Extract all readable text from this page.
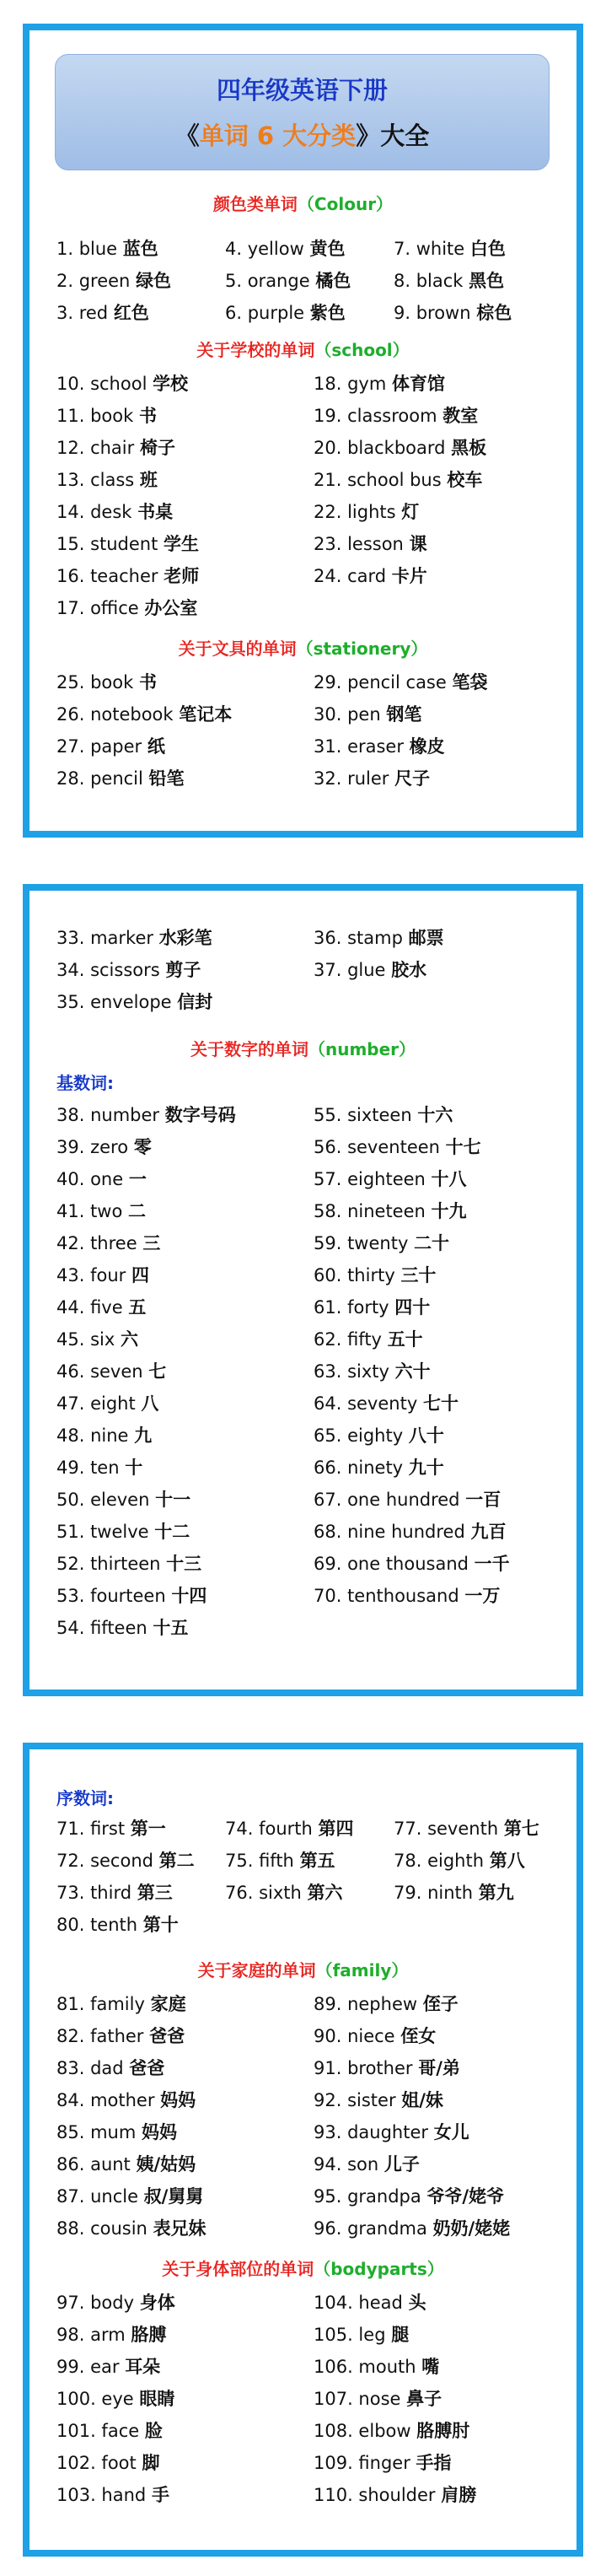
四年级英语下册
《单词 6 大分类》大全
颜色类单词（Colour）
关于学校的单词（school）
关于文具的单词（stationery）
1. blue 蓝色
2. green 绿色
3. red 红色
4. yellow 黄色
5. orange 橘色
6. purple 紫色
7. white 白色
8. black 黑色
9. brown 棕色
10. school 学校
11. book 书
12. chair 椅子
13. class 班
14. desk 书桌
15. student 学生
16. teacher 老师
17. office 办公室
18. gym 体育馆
19. classroom 教室
20. blackboard 黑板
21. school bus 校车
22. lights 灯
23. lesson 课
24. card 卡片
25. book 书
26. notebook 笔记本
27. paper 纸
28. pencil 铅笔
29. pencil case 笔袋
30. pen 钢笔
31. eraser 橡皮
32. ruler 尺子
关于数字的单词（number）
基数词:
33. marker 水彩笔
34. scissors 剪子
35. envelope 信封
36. stamp 邮票
37. glue 胶水
38. number 数字号码
39. zero 零
40. one 一
41. two 二
42. three 三
43. four 四
44. five 五
45. six 六
46. seven 七
47. eight 八
48. nine 九
49. ten 十
50. eleven 十一
51. twelve 十二
52. thirteen 十三
53. fourteen 十四
54. fifteen 十五
55. sixteen 十六
56. seventeen 十七
57. eighteen 十八
58. nineteen 十九
59. twenty 二十
60. thirty 三十
61. forty 四十
62. fifty 五十
63. sixty 六十
64. seventy 七十
65. eighty 八十
66. ninety 九十
67. one hundred 一百
68. nine hundred 九百
69. one thousand 一千
70. tenthousand 一万
序数词:
关于家庭的单词（family）
关于身体部位的单词（bodyparts）
71. first 第一
72. second 第二
73. third 第三
74. fourth 第四
75. fifth 第五
76. sixth 第六
77. seventh 第七
78. eighth 第八
79. ninth 第九
80. tenth 第十
81. family 家庭
82. father 爸爸
83. dad 爸爸
84. mother 妈妈
85. mum 妈妈
86. aunt 姨/姑妈
87. uncle 叔/舅舅
88. cousin 表兄妹
89. nephew 侄子
90. niece 侄女
91. brother 哥/弟
92. sister 姐/妹
93. daughter 女儿
94. son 儿子
95. grandpa 爷爷/姥爷
96. grandma 奶奶/姥姥
97. body 身体
98. arm 胳膊
99. ear 耳朵
100. eye 眼睛
101. face 脸
102. foot 脚
103. hand 手
104. head 头
105. leg 腿
106. mouth 嘴
107. nose 鼻子
108. elbow 胳膊肘
109. finger 手指
110. shoulder 肩膀
